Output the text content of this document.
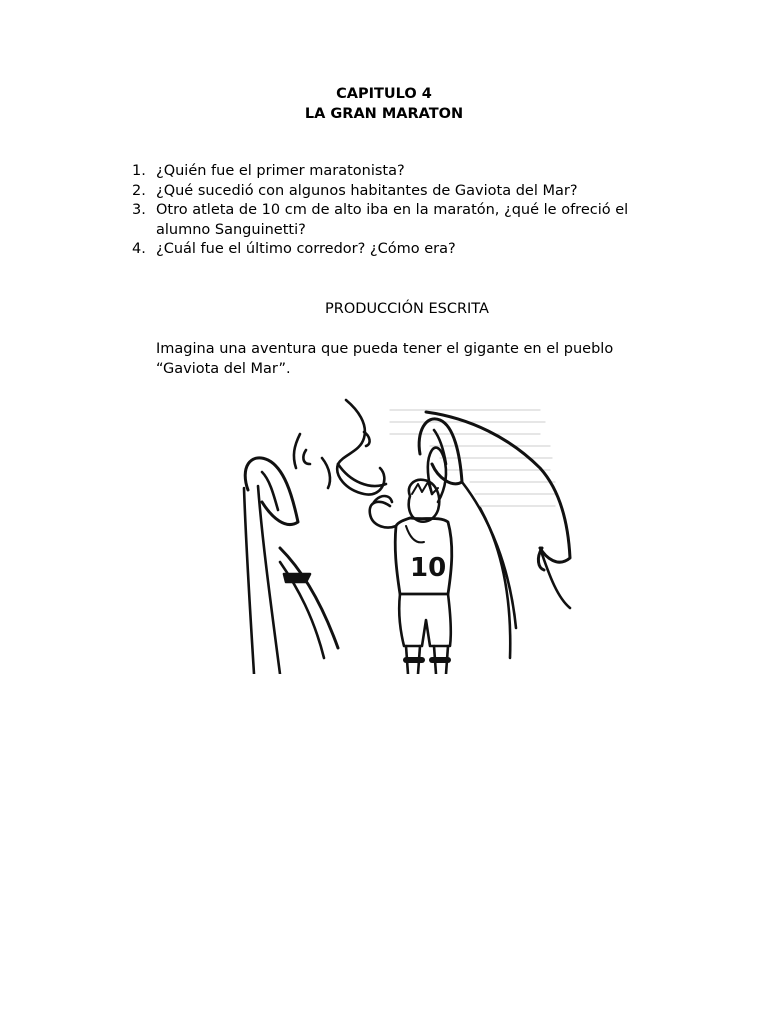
CAPITULO 4
LA GRAN MARATON
1. ¿Quién fue el primer maratonista?
2. ¿Qué sucedió con algunos habitantes de Gaviota del Mar?
3. Otro atleta de 10 cm de alto iba en la maratón, ¿qué le ofreció el alumno Sanguinetti?
4. ¿Cuál fue el último corredor? ¿Cómo era?
PRODUCCIÓN ESCRITA
Imagina una aventura que pueda tener el gigante en el pueblo “Gaviota del Mar”.
10
